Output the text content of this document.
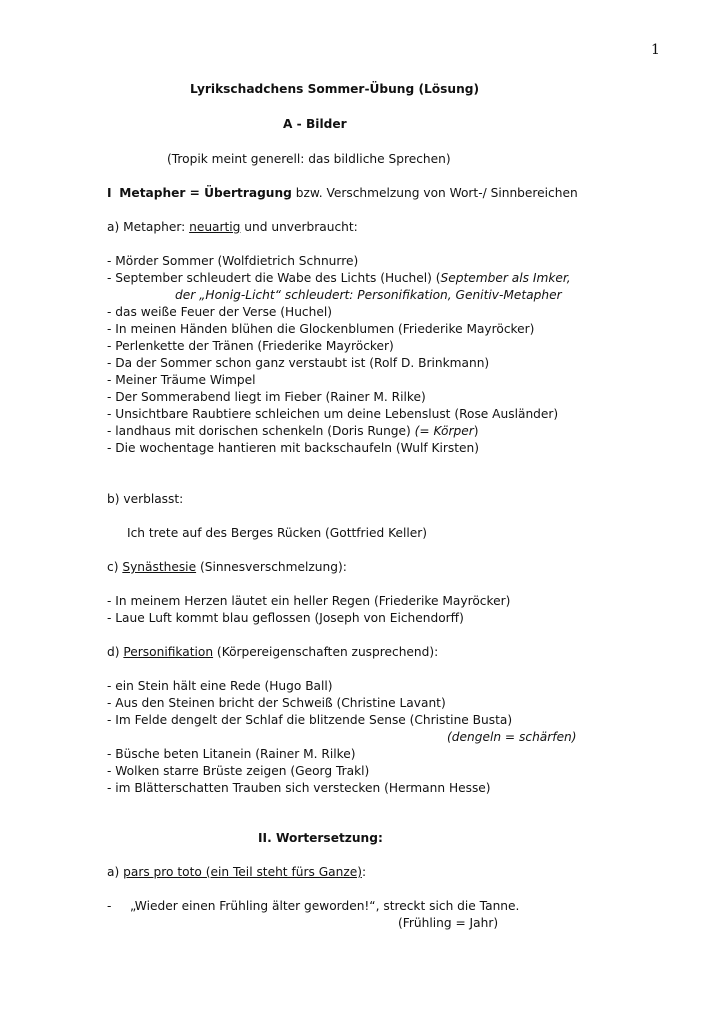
1
Lyrikschadchens Sommer-Übung (Lösung)
A - Bilder
(Tropik meint generell: das bildliche Sprechen)
I Metapher = Übertragung bzw. Verschmelzung von Wort-/ Sinnbereichen
a) Metapher: neuartig und unverbraucht:
- Mörder Sommer (Wolfdietrich Schnurre)
- September schleudert die Wabe des Lichts (Huchel) (September als Imker,
der „Honig-Licht“ schleudert: Personifikation, Genitiv-Metapher
- das weiße Feuer der Verse (Huchel)
- In meinen Händen blühen die Glockenblumen (Friederike Mayröcker)
- Perlenkette der Tränen (Friederike Mayröcker)
- Da der Sommer schon ganz verstaubt ist (Rolf D. Brinkmann)
- Meiner Träume Wimpel
- Der Sommerabend liegt im Fieber (Rainer M. Rilke)
- Unsichtbare Raubtiere schleichen um deine Lebenslust (Rose Ausländer)
- landhaus mit dorischen schenkeln (Doris Runge) (= Körper)
- Die wochentage hantieren mit backschaufeln (Wulf Kirsten)
b) verblasst:
Ich trete auf des Berges Rücken (Gottfried Keller)
c) Synästhesie (Sinnesverschmelzung):
- In meinem Herzen läutet ein heller Regen (Friederike Mayröcker)
- Laue Luft kommt blau geflossen (Joseph von Eichendorff)
d) Personifikation (Körpereigenschaften zusprechend):
- ein Stein hält eine Rede (Hugo Ball)
- Aus den Steinen bricht der Schweiß (Christine Lavant)
- Im Felde dengelt der Schlaf die blitzende Sense (Christine Busta)
(dengeln = schärfen)
- Büsche beten Litanein (Rainer M. Rilke)
- Wolken starre Brüste zeigen (Georg Trakl)
- im Blätterschatten Trauben sich verstecken (Hermann Hesse)
II. Wortersetzung:
a) pars pro toto (ein Teil steht fürs Ganze):
- „Wieder einen Frühling älter geworden!“, streckt sich die Tanne.
(Frühling = Jahr)
